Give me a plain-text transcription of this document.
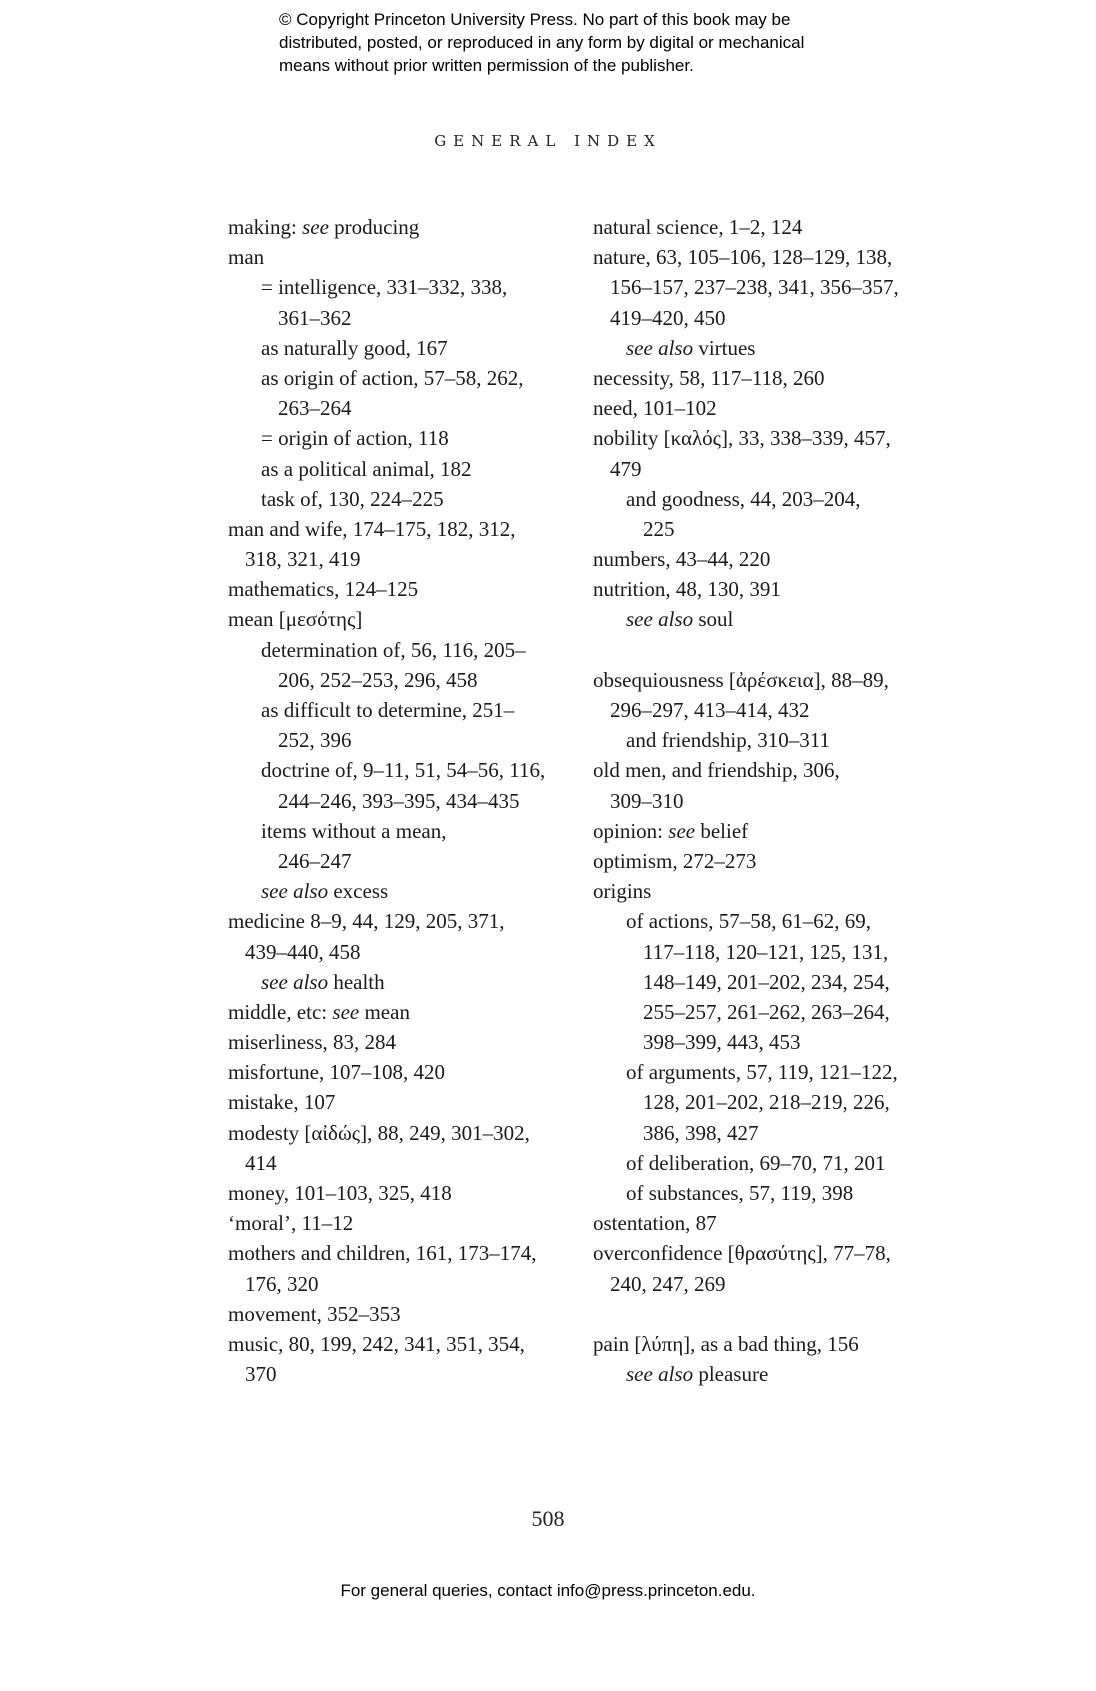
© Copyright Princeton University Press. No part of this book may be

distributed, posted, or reproduced in any form by digital or mechanical

means without prior written permission of the publisher.

GENERAL INDEX
making: see producing
man
= intelligence, 331–332, 338,
361–362
as naturally good, 167
as origin of action, 57–58, 262,
263–264
= origin of action, 118
as a political animal, 182
task of, 130, 224–225
man and wife, 174–175, 182, 312,
318, 321, 419
mathematics, 124–125
mean [μεσότης]
determination of, 56, 116, 205–
206, 252–253, 296, 458
as difficult to determine, 251–
252, 396
doctrine of, 9–11, 51, 54–56, 116,
244–246, 393–395, 434–435
items without a mean,
246–247
see also excess
medicine 8–9, 44, 129, 205, 371,
439–440, 458
see also health
middle, etc: see mean
miserliness, 83, 284
misfortune, 107–108, 420
mistake, 107
modesty [αἰδώς], 88, 249, 301–302,
414
money, 101–103, 325, 418
‘moral’, 11–12
mothers and children, 161, 173–174,
176, 320
movement, 352–353
music, 80, 199, 242, 341, 351, 354,
370
natural science, 1–2, 124
nature, 63, 105–106, 128–129, 138,
156–157, 237–238, 341, 356–357,
419–420, 450
see also virtues
necessity, 58, 117–118, 260
need, 101–102
nobility [καλός], 33, 338–339, 457,
479
and goodness, 44, 203–204,
225
numbers, 43–44, 220
nutrition, 48, 130, 391
see also soul
obsequiousness [ἀρέσκεια], 88–89,
296–297, 413–414, 432
and friendship, 310–311
old men, and friendship, 306,
309–310
opinion: see belief
optimism, 272–273
origins
of actions, 57–58, 61–62, 69,
117–118, 120–121, 125, 131,
148–149, 201–202, 234, 254,
255–257, 261–262, 263–264,
398–399, 443, 453
of arguments, 57, 119, 121–122,
128, 201–202, 218–219, 226,
386, 398, 427
of deliberation, 69–70, 71, 201
of substances, 57, 119, 398
ostentation, 87
overconfidence [θρασύτης], 77–78,
240, 247, 269
pain [λύπη], as a bad thing, 156
see also pleasure
508
For general queries, contact info@press.princeton.edu.
